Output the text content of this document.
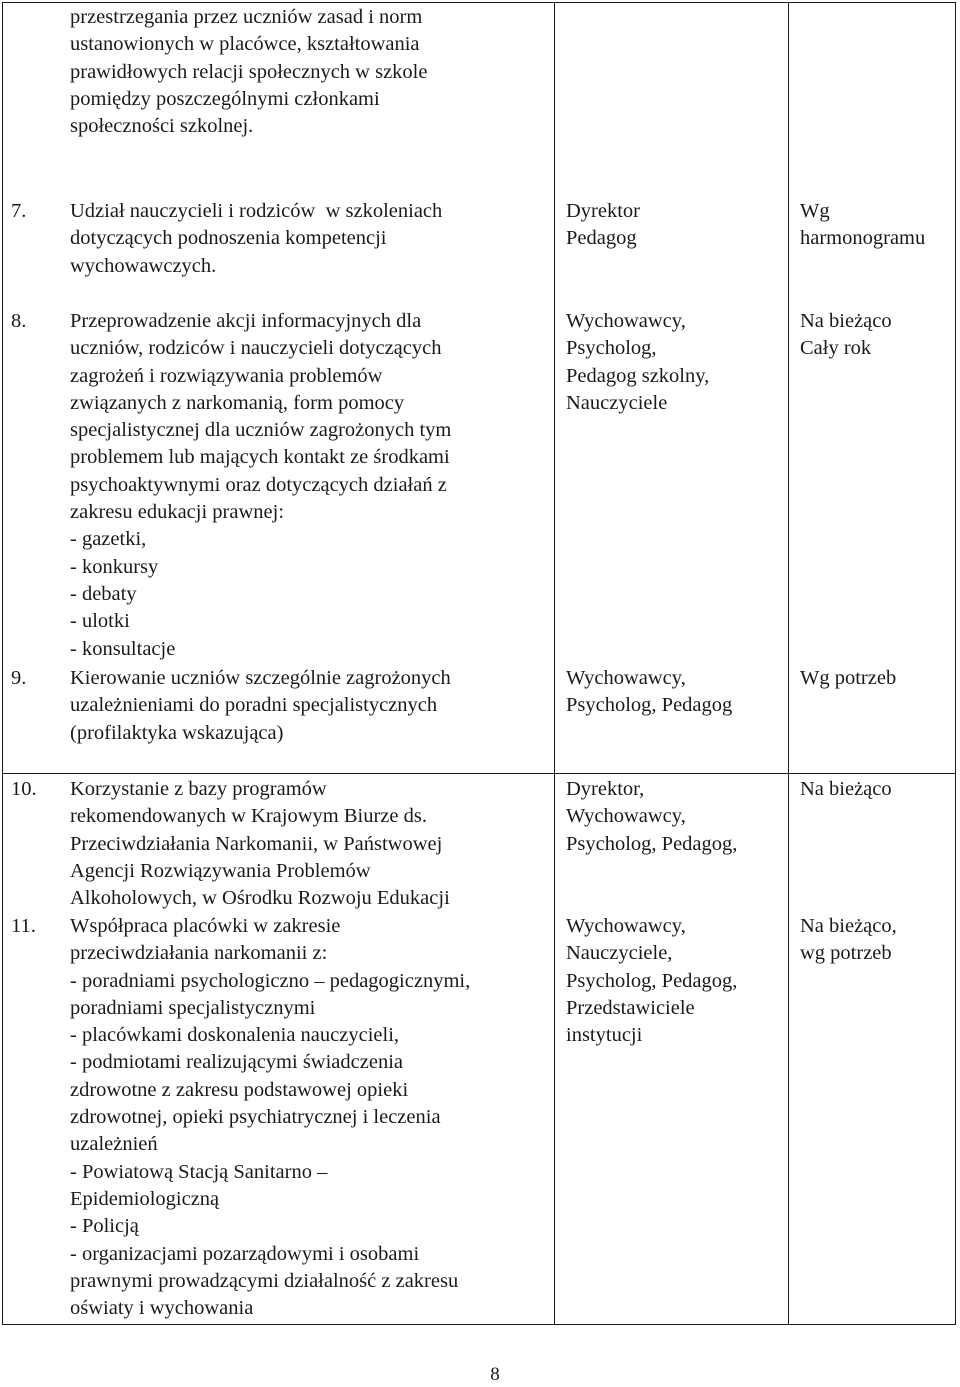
przestrzegania przez uczniów zasad i norm
ustanowionych w placówce, kształtowania
prawidłowych relacji społecznych w szkole
pomiędzy poszczególnymi członkami
społeczności szkolnej.

7. Udział nauczycieli i rodziców  w szkoleniach
dotyczących podnoszenia kompetencji
wychowawczych.

Dyrektor
Pedagog

Wg
harmonogramu

8. Przeprowadzenie akcji informacyjnych dla
uczniów, rodziców i nauczycieli dotyczących
zagrożeń i rozwiązywania problemów
związanych z narkomanią, form pomocy
specjalistycznej dla uczniów zagrożonych tym
problemem lub mających kontakt ze środkami
psychoaktywnymi oraz dotyczących działań z
zakresu edukacji prawnej:
- gazetki,
- konkursy
- debaty
- ulotki
- konsultacje

Wychowawcy,
Psycholog,
Pedagog szkolny,
Nauczyciele

Na bieżąco
Cały rok

9. Kierowanie uczniów szczególnie zagrożonych
uzależnieniami do poradni specjalistycznych
(profilaktyka wskazująca)

Wychowawcy,
Psycholog, Pedagog

Wg potrzeb

10. Korzystanie z bazy programów
rekomendowanych w Krajowym Biurze ds.
Przeciwdziałania Narkomanii, w Państwowej
Agencji Rozwiązywania Problemów
Alkoholowych, w Ośrodku Rozwoju Edukacji

Dyrektor,
Wychowawcy,
Psycholog, Pedagog,

Na bieżąco

11. Współpraca placówki w zakresie
przeciwdziałania narkomanii z:
- poradniami psychologiczno – pedagogicznymi,
poradniami specjalistycznymi
- placówkami doskonalenia nauczycieli,
- podmiotami realizującymi świadczenia
zdrowotne z zakresu podstawowej opieki
zdrowotnej, opieki psychiatrycznej i leczenia
uzależnień
- Powiatową Stacją Sanitarno –
Epidemiologiczną
- Policją
- organizacjami pozarządowymi i osobami
prawnymi prowadzącymi działalność z zakresu
oświaty i wychowania

Wychowawcy,
Nauczyciele,
Psycholog, Pedagog,
Przedstawiciele
instytucji

Na bieżąco,
wg potrzeb

8
